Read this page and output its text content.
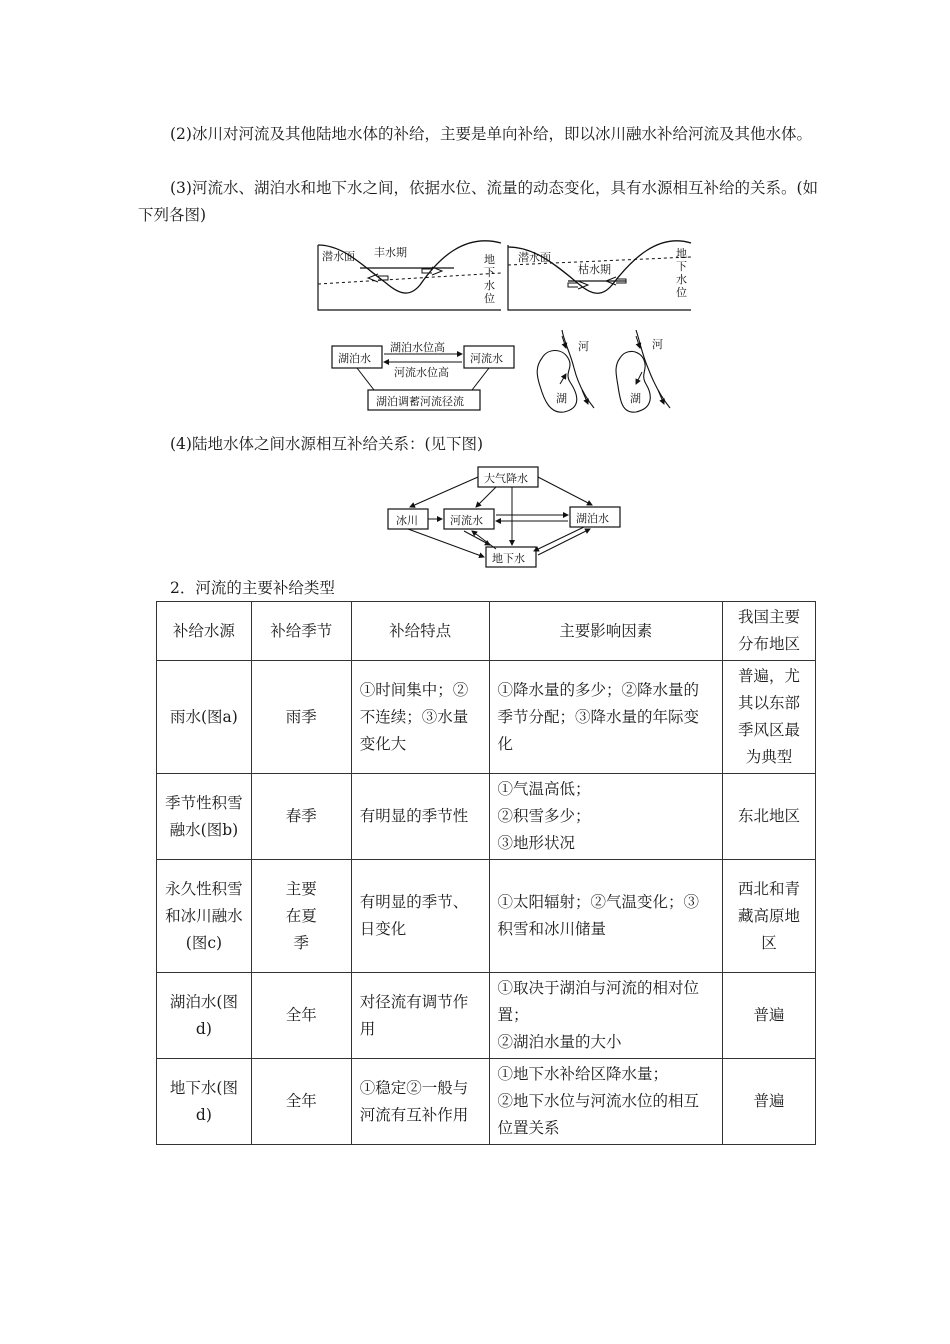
(2)冰川对河流及其他陆地水体的补给，主要是单向补给，即以冰川融水补给河流及其他水体。

(3)河流水、湖泊水和地下水之间，依据水位、流量的动态变化，具有水源相互补给的关系。(如下列各图)

潜水面 丰水期
地
下
水
位
潜水面
枯水期
地
下
水
位
湖泊水	河流水
湖泊水位高
河流水位高
湖泊调蓄河流径流
河
湖
河
湖

(4)陆地水体之间水源相互补给关系：(见下图)

大气降水
冰川	河流水	湖泊水
地下水

2．河流的主要补给类型

补给水源	补给季节	补给特点	主要影响因素	我国主要分布地区
雨水(图a)	雨季	①时间集中；②不连续；③水量变化大	①降水量的多少；②降水量的季节分配；③降水量的年际变化	普遍，尤其以东部季风区最为典型
季节性积雪融水(图b)	春季	有明显的季节性	①气温高低；
②积雪多少；
③地形状况	东北地区
永久性积雪和冰川融水(图c)	主要在夏季	有明显的季节、日变化	①太阳辐射；②气温变化；③积雪和冰川储量	西北和青藏高原地区
湖泊水(图d)	全年	对径流有调节作用	①取决于湖泊与河流的相对位置；
②湖泊水量的大小	普遍
地下水(图d)	全年	①稳定②一般与河流有互补作用	①地下水补给区降水量；
②地下水位与河流水位的相互位置关系	普遍
